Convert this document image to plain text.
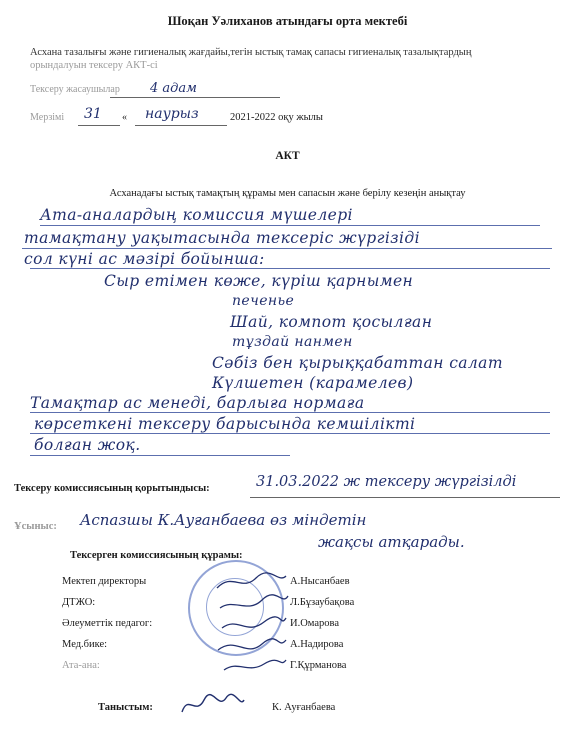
Шоқан Уәлиханов атындағы орта мектебі
Асхана тазалығы және гигиеналық жағдайы,тегін ыстық тамақ сапасы гигиеналық тазалықтардың
орындалуын тексеру АКТ-сі
Тексеру жасаушылар 4 адам
Мерзімі 31 « наурыз	2021-2022 оқу жылы
АКТ
Асханадағы ыстық тамақтың құрамы мен сапасын және берілу кезеңін анықтау
Ата-аналардың комиссия мүшелері
тамақтану уақытасында тексеріс жүргізіді
сол күні ас мәзірі бойынша:
Сыр етімен көже, күріш қарнымен
печенье
Шай, компот қосылған
тұздай нанмен
Сәбіз бен қырыққабаттан салат
Күлшетен (карамелев)
Тамақтар ас менеді, барлыға нормаға
көрсеткені тексеру барысында кемшілікті
болған жоқ.
Тексеру комиссиясының қорытындысы:	31.03.2022 ж тексеру жүргізілді
Ұсыныс: Аспазшы К.Ауғанбаева өз міндетін
жақсы атқарады.
Тексерген комиссиясының құрамы:
Мектеп директоры	А.Нысанбаев
ДТЖО:	Л.Бұзаубақова
Әлеуметтік педагог:	И.Омарова
Мед.бике:	А.Надирова
Ата-ана:	Г.Құрманова
Таныстым:	К. Ауғанбаева
